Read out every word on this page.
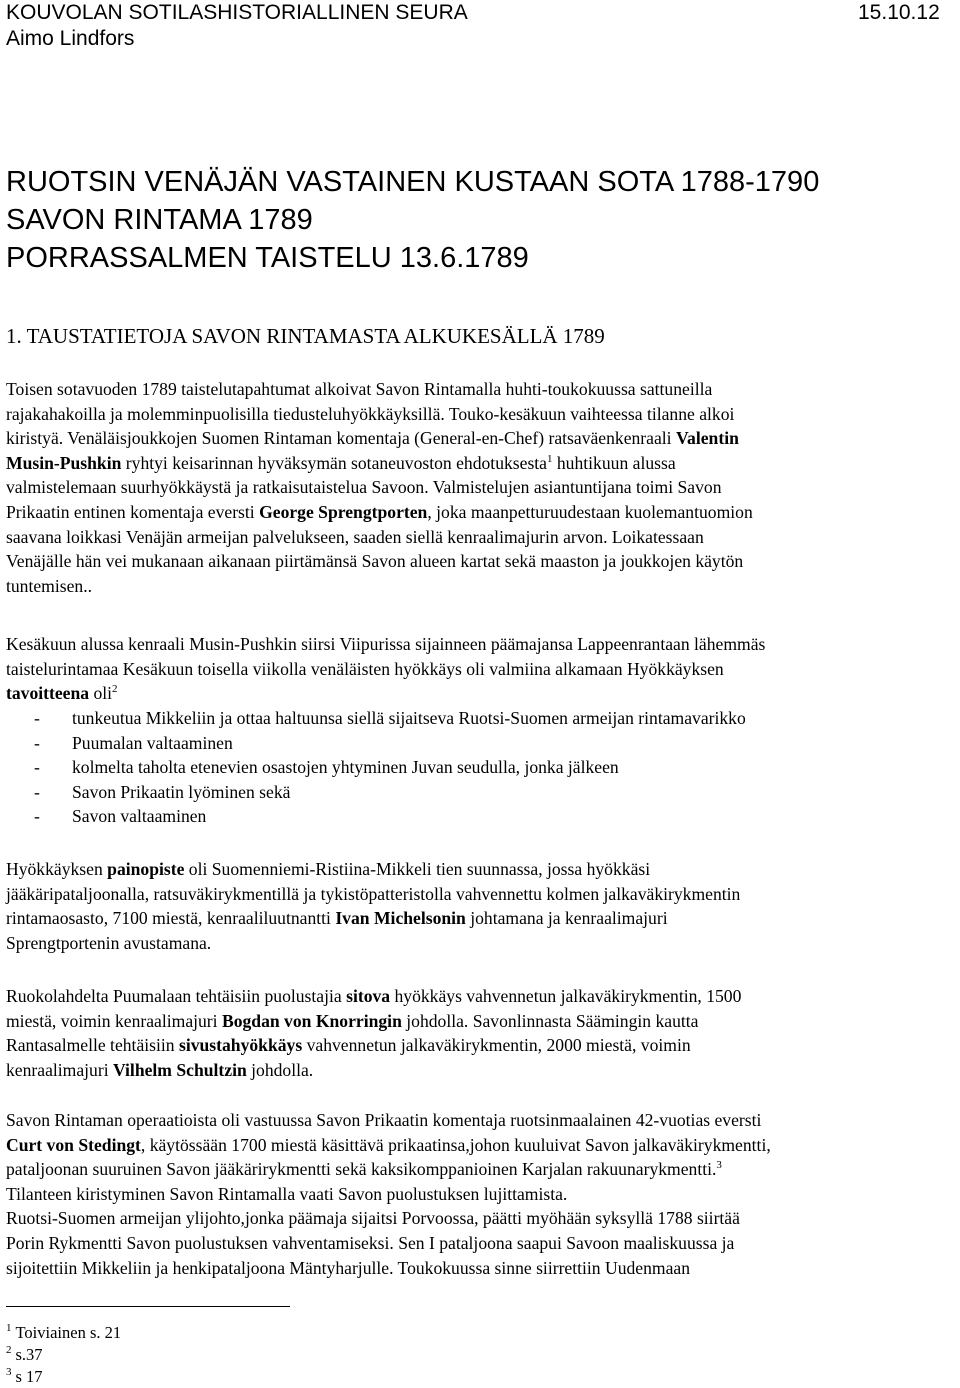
KOUVOLAN SOTILASHISTORIALLINEN SEURA	15.10.12
Aimo Lindfors
RUOTSIN VENÄJÄN VASTAINEN KUSTAAN SOTA 1788-1790
SAVON RINTAMA 1789
PORRASSALMEN TAISTELU 13.6.1789
1. TAUSTATIETOJA SAVON RINTAMASTA ALKUKESÄLLÄ 1789
Toisen sotavuoden 1789 taistelutapahtumat alkoivat Savon Rintamalla huhti-toukokuussa sattuneilla
rajakahakoilla ja molemminpuolisilla tiedusteluhyökkäyksillä. Touko-kesäkuun vaihteessa tilanne alkoi
kiristyä. Venäläisjoukkojen Suomen Rintaman komentaja (General-en-Chef) ratsaväenkenraali Valentin
Musin-Pushkin ryhtyi keisarinnan hyväksymän sotaneuvoston ehdotuksesta$^1$ huhtikuun alussa
valmistelemaan suurhyökkäystä ja ratkaisutaistelua Savoon. Valmistelujen asiantuntijana toimi Savon
Prikaatin entinen komentaja eversti George Sprengtporten, joka maanpetturuudestaan kuolemantuomion
saavana loikkasi Venäjän armeijan palvelukseen, saaden siellä kenraalimajurin arvon. Loikatessaan
Venäjälle hän vei mukanaan aikanaan piirtämänsä Savon alueen kartat sekä maaston ja joukkojen käytön
tuntemisen..
Kesäkuun alussa kenraali Musin-Pushkin siirsi Viipurissa sijainneen päämajansa Lappeenrantaan lähemmäs
taistelurintamaa Kesäkuun toisella viikolla venäläisten hyökkäys oli valmiina alkamaan Hyökkäyksen
tavoitteena oli$^2$
-	tunkeutua Mikkeliin ja ottaa haltuunsa siellä sijaitseva Ruotsi-Suomen armeijan rintamavarikko
-	Puumalan valtaaminen
-	kolmelta taholta etenevien osastojen yhtyminen Juvan seudulla, jonka jälkeen
-	Savon Prikaatin lyöminen sekä
-	Savon valtaaminen
Hyökkäyksen painopiste oli Suomenniemi-Ristiina-Mikkeli tien suunnassa, jossa hyökkäsi
jääkäripataljoonalla, ratsuväkirykmentillä ja tykistöpatteristolla vahvennettu kolmen jalkaväkirykmentin
rintamaosasto, 7100 miestä, kenraaliluutnantti Ivan Michelsonin johtamana ja kenraalimajuri
Sprengtportenin avustamana.
Ruokolahdelta Puumalaan tehtäisiin puolustajia sitova hyökkäys vahvennetun jalkaväkirykmentin, 1500
miestä, voimin kenraalimajuri Bogdan von Knorringin johdolla. Savonlinnasta Säämingin kautta
Rantasalmelle tehtäisiin sivustahyökkäys vahvennetun jalkaväkirykmentin, 2000 miestä, voimin
kenraalimajuri Vilhelm Schultzin johdolla.
Savon Rintaman operaatioista oli vastuussa Savon Prikaatin komentaja ruotsinmaalainen 42-vuotias eversti
Curt von Stedingt, käytössään 1700 miestä käsittävä prikaatinsa,johon kuuluivat Savon jalkaväkirykmentti,
pataljoonan suuruinen Savon jääkärirykmentti sekä kaksikomppanioinen Karjalan rakuunarykmentti.$^3$
Tilanteen kiristyminen Savon Rintamalla vaati Savon puolustuksen lujittamista.
Ruotsi-Suomen armeijan ylijohto,jonka päämaja sijaitsi Porvoossa, päätti myöhään syksyllä 1788 siirtää
Porin Rykmentti Savon puolustuksen vahventamiseksi. Sen I pataljoona saapui Savoon maaliskuussa ja
sijoitettiin Mikkeliin ja henkipataljoona Mäntyharjulle. Toukokuussa sinne siirrettiin Uudenmaan
$^1$ Toiviainen s. 21
$^2$ s.37
$^3$ s 17
